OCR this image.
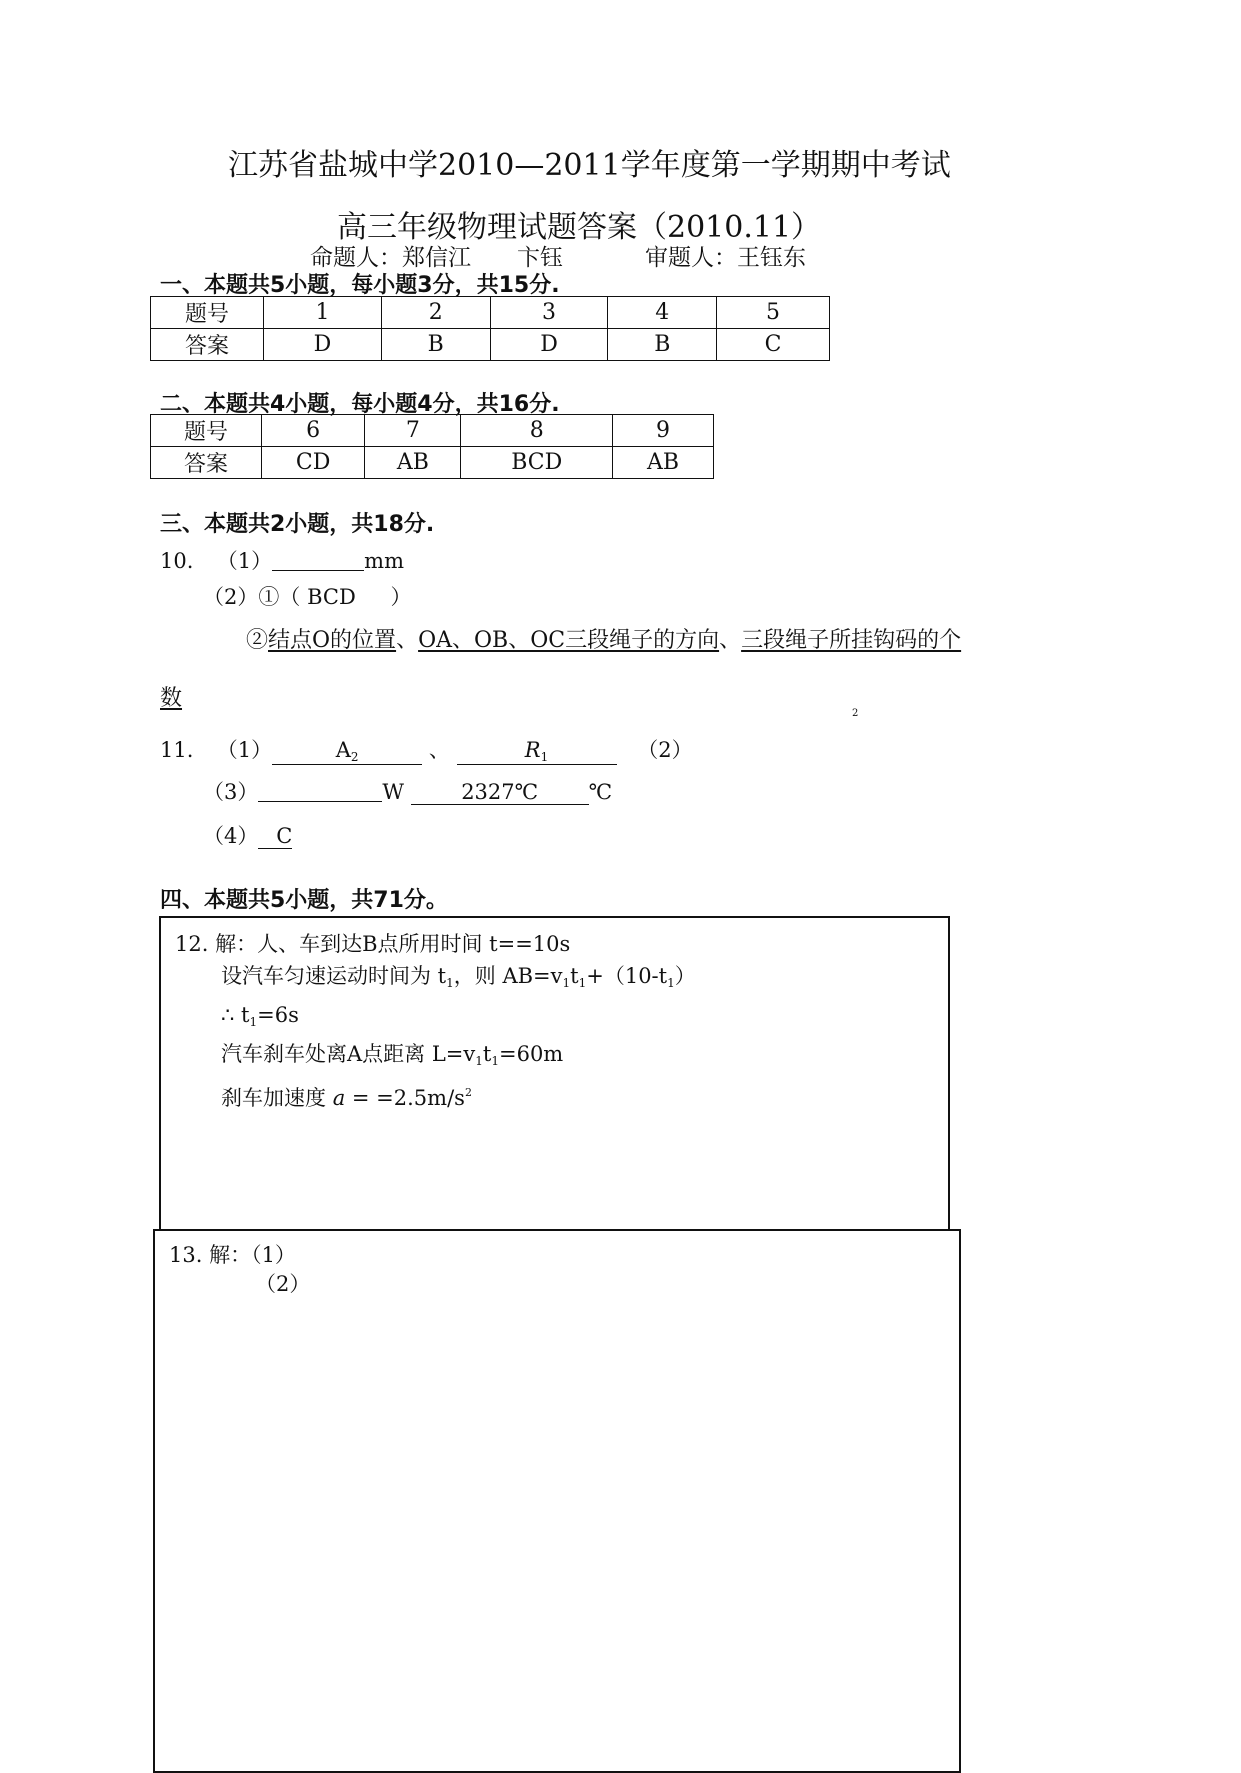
江苏省盐城中学2010—2011学年度第一学期期中考试
高三年级物理试题答案（2010.11）
命题人：郑信江　　卞钰	审题人：王钰东
一、本题共5小题，每小题3分，共15分.
题号	1	2	3	4	5
答案	D	B	D	B	C
二、本题共4小题，每小题4分，共16分.
题号	6	7	8	9
答案	CD	AB	BCD	AB
三、本题共2小题，共18分.
10. （1）	mm
（2）①（ BCD ）
②结点O的位置、OA、OB、OC三段绳子的方向、三段绳子所挂钩码的个
数
2
11. （1）	$A_2$	、	$R_1$	（2）
（3）	W	2327℃ ℃
（4） C
四、本题共5小题，共71分。
12. 解：人、车到达B点所用时间 t==10s
设汽车匀速运动时间为 $t_1$，则 $AB=v_1t_1+(10-t_1)$
∴ $t_1=6s$
汽车刹车处离A点距离 $L=v_1t_1=60m$
刹车加速度 $a = =2.5m/s^2$
13. 解：（1）
（2）
